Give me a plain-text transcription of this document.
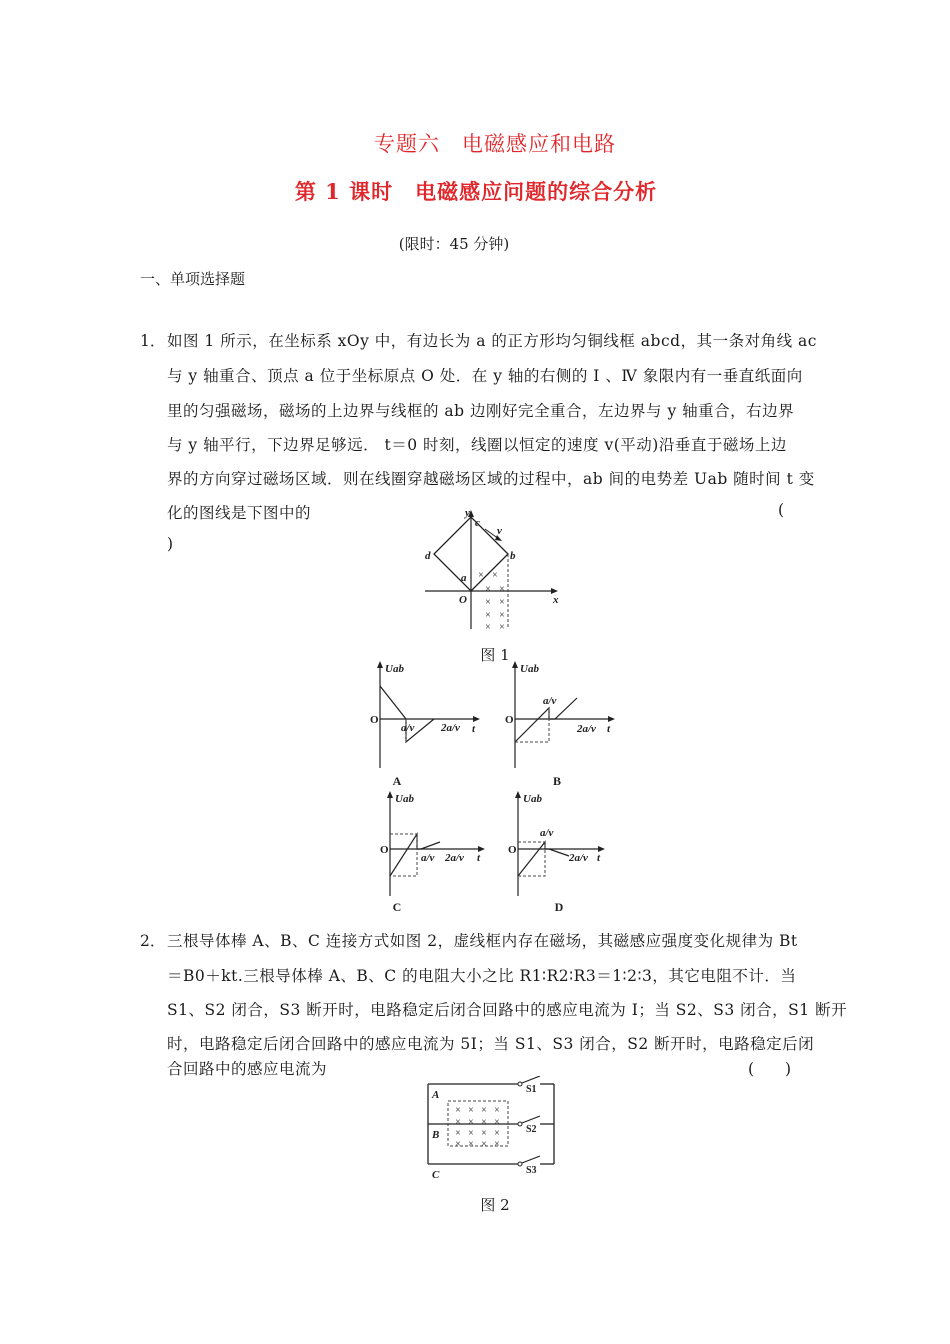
专题六　电磁感应和电路
第 1 课时　电磁感应问题的综合分析
(限时：45 分钟)
一、单项选择题
1． 如图 1 所示，在坐标系 xOy 中，有边长为 a 的正方形均匀铜线框 abcd，其一条对角线 ac
与 y 轴重合、顶点 a 位于坐标原点 O 处．在 y 轴的右侧的 Ⅰ 、Ⅳ 象限内有一垂直纸面向
里的匀强磁场，磁场的上边界与线框的 ab 边刚好完全重合，左边界与 y 轴重合，右边界
与 y 轴平行，下边界足够远． t＝0 时刻，线圈以恒定的速度 v(平动)沿垂直于磁场上边
界的方向穿过磁场区域．则在线圈穿越磁场区域的过程中，ab 间的电势差 Uab 随时间 t 变
化的图线是下图中的	(
)
× ×
× ×
× ×
× ×
× ×
y
x
c
v
d	b
a
O
图 1
Uab
O
t
a/v 2a/v
Uab
O
t
a/v
2a/v
Uab
O
t
a/v 2a/v
Uab
O
t
a/v
2a/v
A	B
C	D
2． 三根导体棒 A、B、C 连接方式如图 2，虚线框内存在磁场，其磁感应强度变化规律为 Bt
＝B0＋kt.三根导体棒 A、B、C 的电阻大小之比 R1∶R2∶R3＝1∶2∶3，其它电阻不计．当
S1、S2 闭合，S3 断开时，电路稳定后闭合回路中的感应电流为 I；当 S2、S3 闭合，S1 断开
时，电路稳定后闭合回路中的感应电流为 5I；当 S1、S3 闭合，S2 断开时，电路稳定后闭
合回路中的感应电流为	(　　)
× × × ×
× × × ×
× × × ×
× × × ×
A
B
C
S1
S2
S3
图 2
